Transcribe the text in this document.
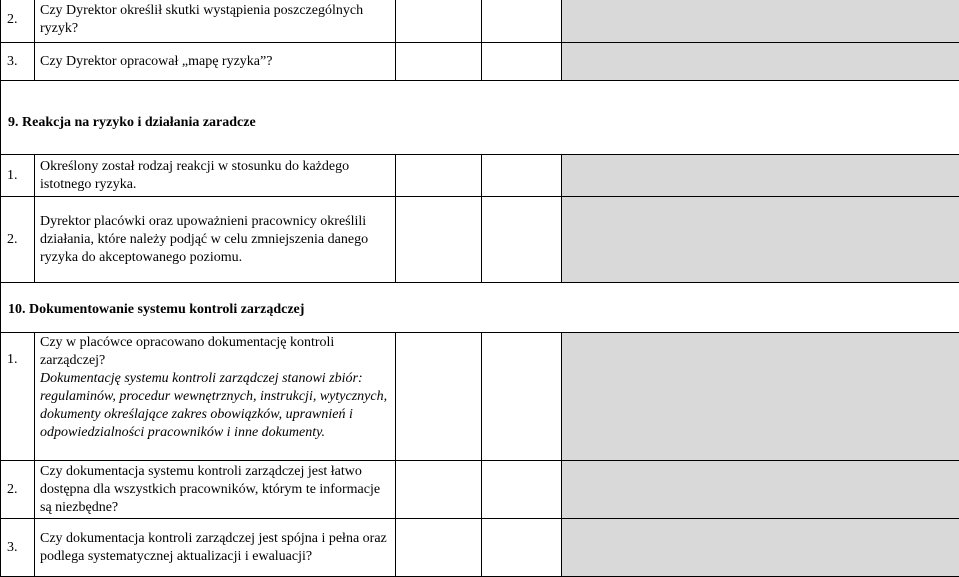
2.	Czy Dyrektor określił skutki wystąpienia poszczególnych ryzyk?			
3.	Czy Dyrektor opracował „mapę ryzyka”?			
9. Reakcja na ryzyko i działania zaradcze				
1.	Określony został rodzaj reakcji w stosunku do każdego istotnego ryzyka.			
2.	Dyrektor placówki oraz upoważnieni pracownicy określili działania, które należy podjąć w celu zmniejszenia danego ryzyka do akceptowanego poziomu.			
10. Dokumentowanie systemu kontroli zarządczej				
1.	Czy w placówce opracowano dokumentację kontroli zarządczej?
Dokumentację systemu kontroli zarządczej stanowi zbiór: regulaminów, procedur wewnętrznych, instrukcji, wytycznych, dokumenty określające zakres obowiązków, uprawnień i odpowiedzialności pracowników i inne dokumenty.			

2.	Czy dokumentacja systemu kontroli zarządczej jest łatwo dostępna dla wszystkich pracowników, którym te informacje są niezbędne?			
3.	Czy dokumentacja kontroli zarządczej jest spójna i pełna oraz podlega systematycznej aktualizacji i ewaluacji?			
